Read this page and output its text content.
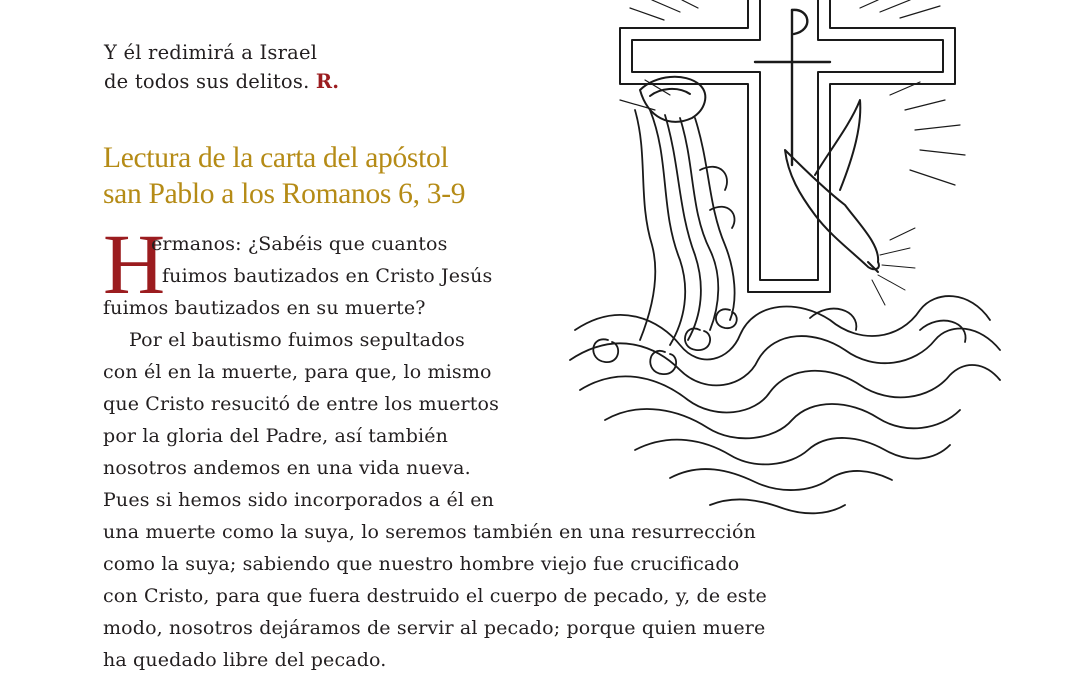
Y él redimirá a Israel
de todos sus delitos. R.
Lectura de la carta del apóstol
san Pablo a los Romanos 6, 3-9
H
ermanos: ¿Sabéis que cuantos
fuimos bautizados en Cristo Jesús
fuimos bautizados en su muerte?
Por el bautismo fuimos sepultados
con él en la muerte, para que, lo mismo
que Cristo resucitó de entre los muertos
por la gloria del Padre, así también
nosotros andemos en una vida nueva.
Pues si hemos sido incorporados a él en
una muerte como la suya, lo seremos también en una resurrección
como la suya; sabiendo que nuestro hombre viejo fue crucificado
con Cristo, para que fuera destruido el cuerpo de pecado, y, de este
modo, nosotros dejáramos de servir al pecado; porque quien muere
ha quedado libre del pecado.
